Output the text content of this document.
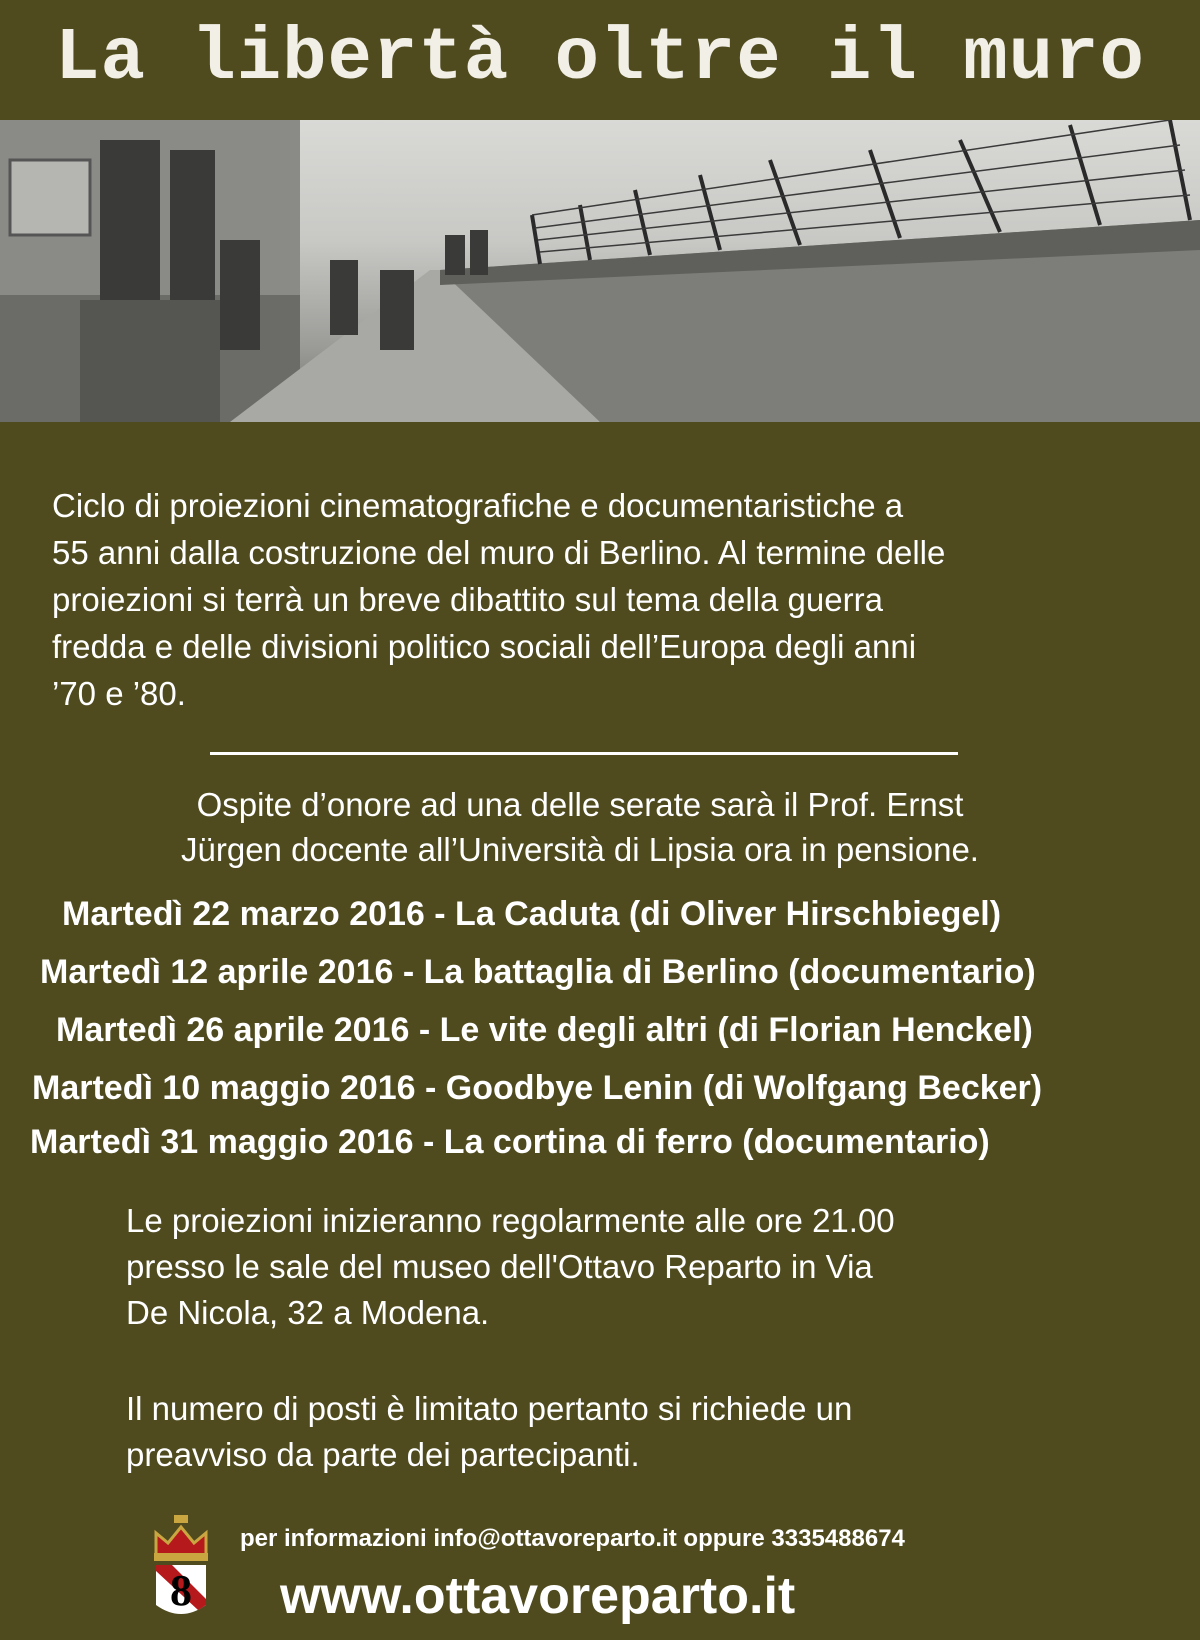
La libertà oltre il muro
Ciclo di proiezioni cinematografiche e documentaristiche a
55 anni dalla costruzione del muro di Berlino. Al termine delle
proiezioni si terrà un breve dibattito sul tema della guerra
fredda e delle divisioni politico sociali dell’Europa degli anni
’70 e ’80.
Ospite d’onore ad una delle serate sarà il Prof. Ernst
Jürgen docente all’Università di Lipsia ora in pensione.
Martedì 22 marzo 2016 - La Caduta (di Oliver Hirschbiegel)
Martedì 12 aprile 2016 - La battaglia di Berlino (documentario)
Martedì 26 aprile 2016 - Le vite degli altri (di Florian Henckel)
Martedì 10 maggio 2016 - Goodbye Lenin (di Wolfgang Becker)
Martedì 31 maggio 2016 - La cortina di ferro (documentario)
Le proiezioni inizieranno regolarmente alle ore 21.00
presso le sale del museo dell'Ottavo Reparto in Via
De Nicola, 32 a Modena.
Il numero di posti è limitato pertanto si richiede un
preavviso da parte dei partecipanti.
8
per informazioni info@ottavoreparto.it oppure 3335488674
www.ottavoreparto.it
